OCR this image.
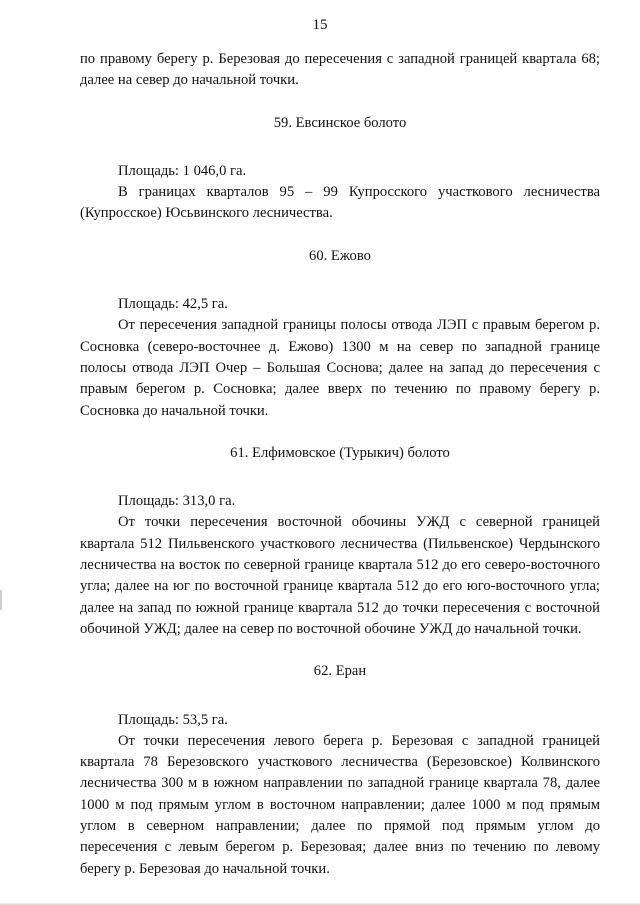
15

по правому берегу р. Березовая до пересечения с западной границей квартала 68; далее на север до начальной точки.

59. Евсинское болото

Площадь: 1 046,0 га.

В границах кварталов 95 – 99 Купросского участкового лесничества (Купросское) Юсьвинского лесничества.

60. Ежово

Площадь: 42,5 га.

От пересечения западной границы полосы отвода ЛЭП с правым берегом р. Сосновка (северо-восточнее д. Ежово) 1300 м на север по западной границе полосы отвода ЛЭП Очер – Большая Соснова; далее на запад до пересечения с правым берегом р. Сосновка; далее вверх по течению по правому берегу р. Сосновка до начальной точки.

61. Елфимовское (Турыкич) болото

Площадь: 313,0 га.

От точки пересечения восточной обочины УЖД с северной границей квартала 512 Пильвенского участкового лесничества (Пильвенское) Чердынского лесничества на восток по северной границе квартала 512 до его северо-восточного угла; далее на юг по восточной границе квартала 512 до его юго-восточного угла; далее на запад по южной границе квартала 512 до точки пересечения с восточной обочиной УЖД; далее на север по восточной обочине УЖД до начальной точки.

62. Еран

Площадь: 53,5 га.

От точки пересечения левого берега р. Березовая с западной границей квартала 78 Березовского участкового лесничества (Березовское) Колвинского лесничества 300 м в южном направлении по западной границе квартала 78, далее 1000 м под прямым углом в восточном направлении; далее 1000 м под прямым углом в северном направлении; далее по прямой под прямым углом до пересечения с левым берегом р. Березовая; далее вниз по течению по левому берегу р. Березовая до начальной точки.
